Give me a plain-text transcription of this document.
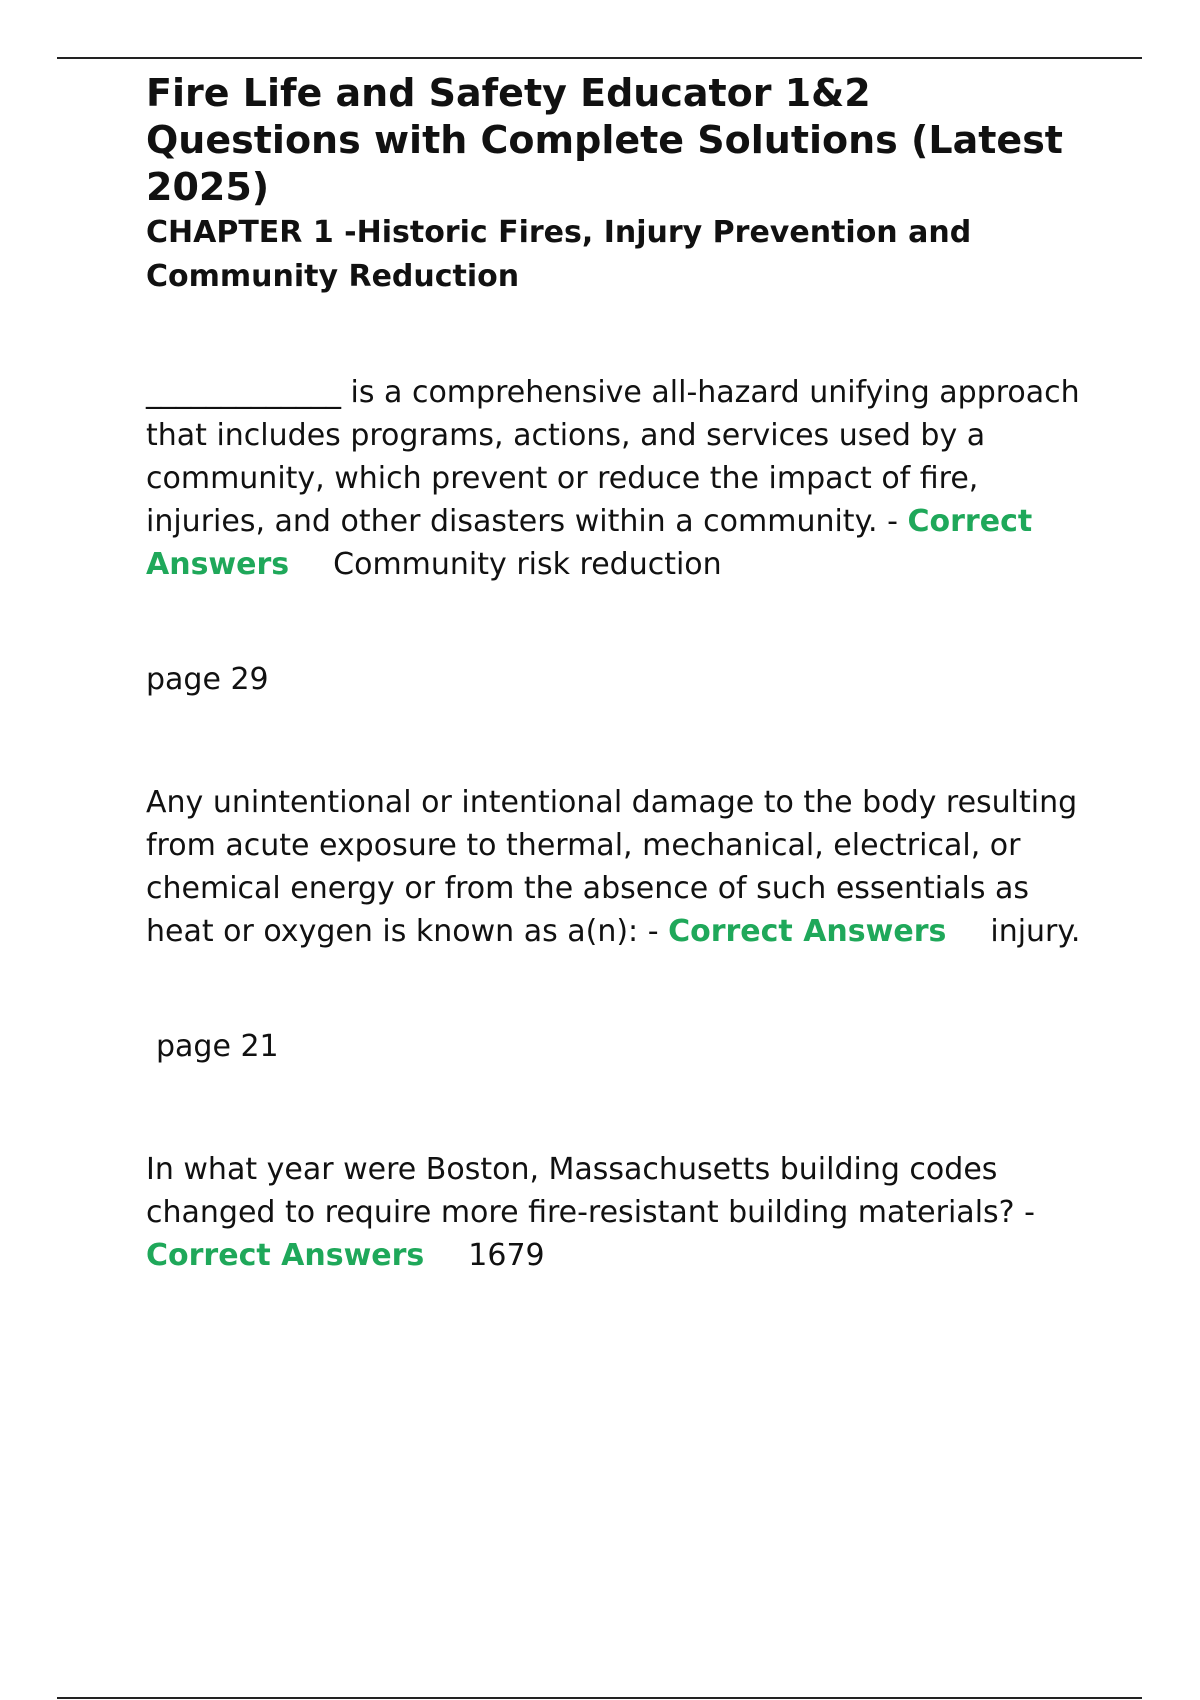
Fire Life and Safety Educator 1&2 Questions with Complete Solutions (Latest 2025)
CHAPTER 1 -Historic Fires, Injury Prevention and Community Reduction

_____________ is a comprehensive all-hazard unifying approach that includes programs, actions, and services used by a community, which prevent or reduce the impact of fire, injuries, and other disasters within a community. - Correct Answers Community risk reduction

page 29

Any unintentional or intentional damage to the body resulting from acute exposure to thermal, mechanical, electrical, or chemical energy or from the absence of such essentials as heat or oxygen is known as a(n): - Correct Answers injury.

page 21

In what year were Boston, Massachusetts building codes changed to require more fire-resistant building materials? - Correct Answers 1679
